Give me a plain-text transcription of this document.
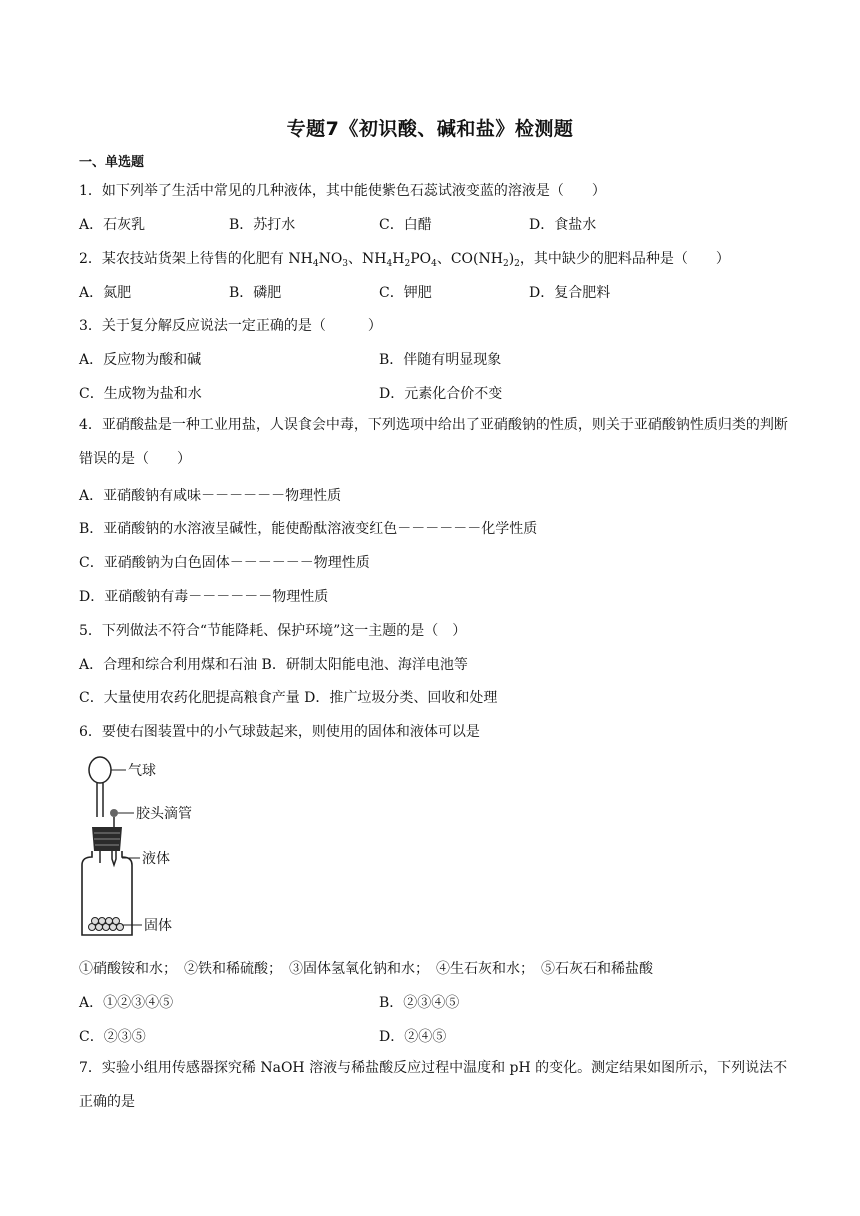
专题7《初识酸、碱和盐》检测题
一、单选题
1．如下列举了生活中常见的几种液体，其中能使紫色石蕊试液变蓝的溶液是（　　）
A．石灰乳	B．苏打水	C．白醋	D．食盐水
2．某农技站货架上待售的化肥有 $NH_4NO_3$、$NH_4H_2PO_4$、$CO(NH_2)_2$，其中缺少的肥料品种是（　　）
A．氮肥	B．磷肥	C．钾肥	D．复合肥料
3．关于复分解反应说法一定正确的是（　　　）
A．反应物为酸和碱	B．伴随有明显现象
C．生成物为盐和水	D．元素化合价不变
4．亚硝酸盐是一种工业用盐，人误食会中毒，下列选项中给出了亚硝酸钠的性质，则关于亚硝酸钠性质归类的判断错误的是（　　）
A．亚硝酸钠有咸味－－－－－－物理性质
B．亚硝酸钠的水溶液呈碱性，能使酚酞溶液变红色－－－－－－化学性质
C．亚硝酸钠为白色固体－－－－－－物理性质
D．亚硝酸钠有毒－－－－－－物理性质
5．下列做法不符合“节能降耗、保护环境”这一主题的是（　）
A．合理和综合利用煤和石油 B．研制太阳能电池、海洋电池等
C．大量使用农药化肥提高粮食产量 D．推广垃圾分类、回收和处理
6．要使右图装置中的小气球鼓起来，则使用的固体和液体可以是
气球
胶头滴管
液体
固体
①硝酸铵和水；　②铁和稀硫酸；　③固体氢氧化钠和水；　④生石灰和水；　⑤石灰石和稀盐酸
A．①②③④⑤	B．②③④⑤
C．②③⑤	D．②④⑤
7．实验小组用传感器探究稀 NaOH 溶液与稀盐酸反应过程中温度和 pH 的变化。测定结果如图所示，下列说法不正确的是
